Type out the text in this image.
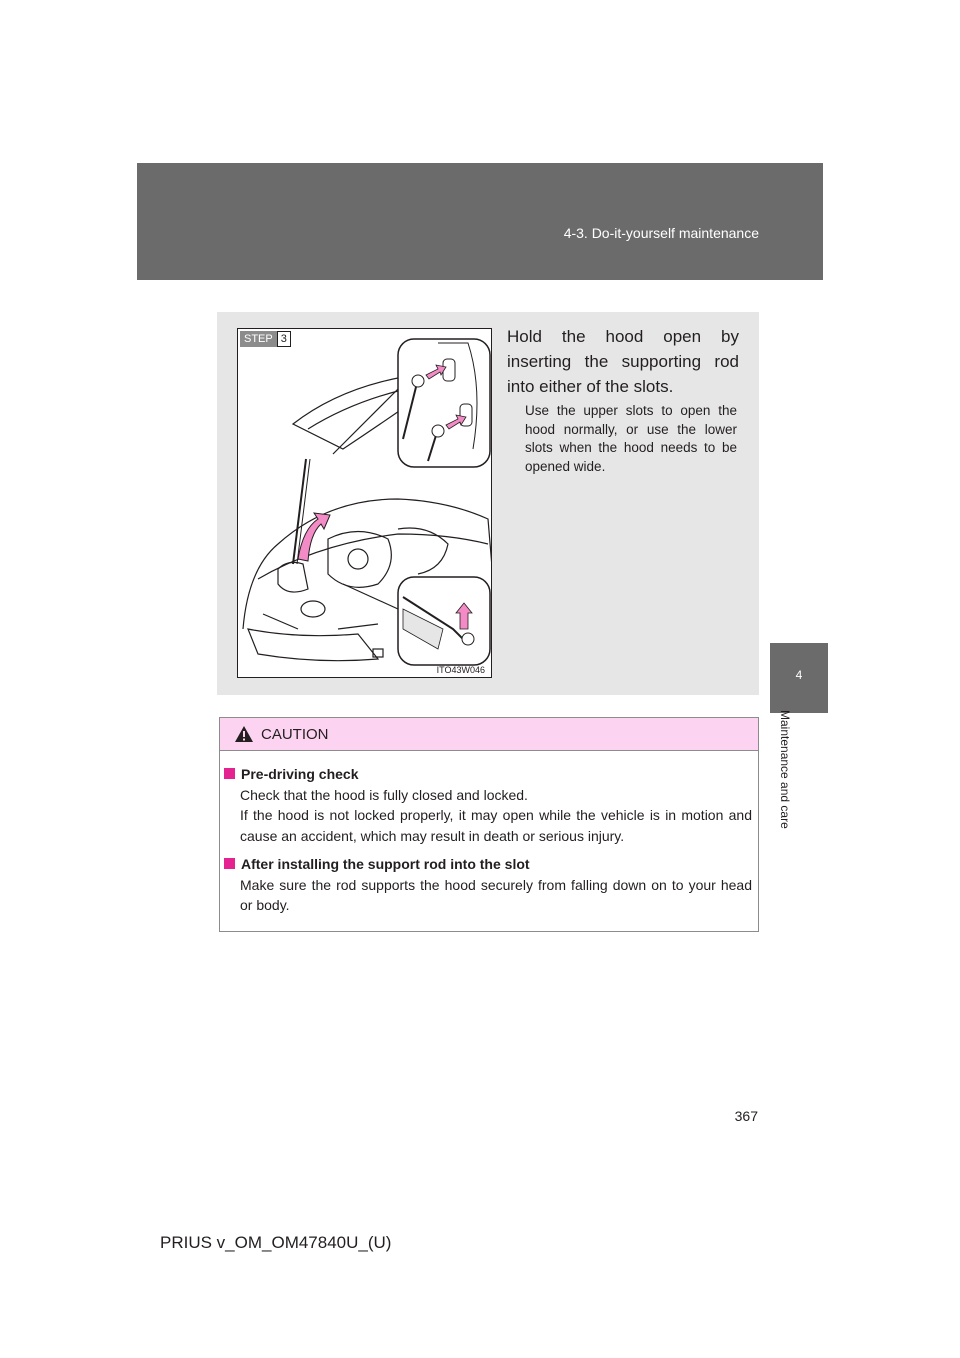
4-3. Do-it-yourself maintenance
4
Maintenance and care
STEP 3
ITO43W046
Hold the hood open by inserting the supporting rod into either of the slots.
Use the upper slots to open the hood normally, or use the lower slots when the hood needs to be opened wide.
CAUTION
Pre-driving check
Check that the hood is fully closed and locked.
If the hood is not locked properly, it may open while the vehicle is in motion and cause an accident, which may result in death or serious injury.
After installing the support rod into the slot
Make sure the rod supports the hood securely from falling down on to your head or body.
367
PRIUS v_OM_OM47840U_(U)
